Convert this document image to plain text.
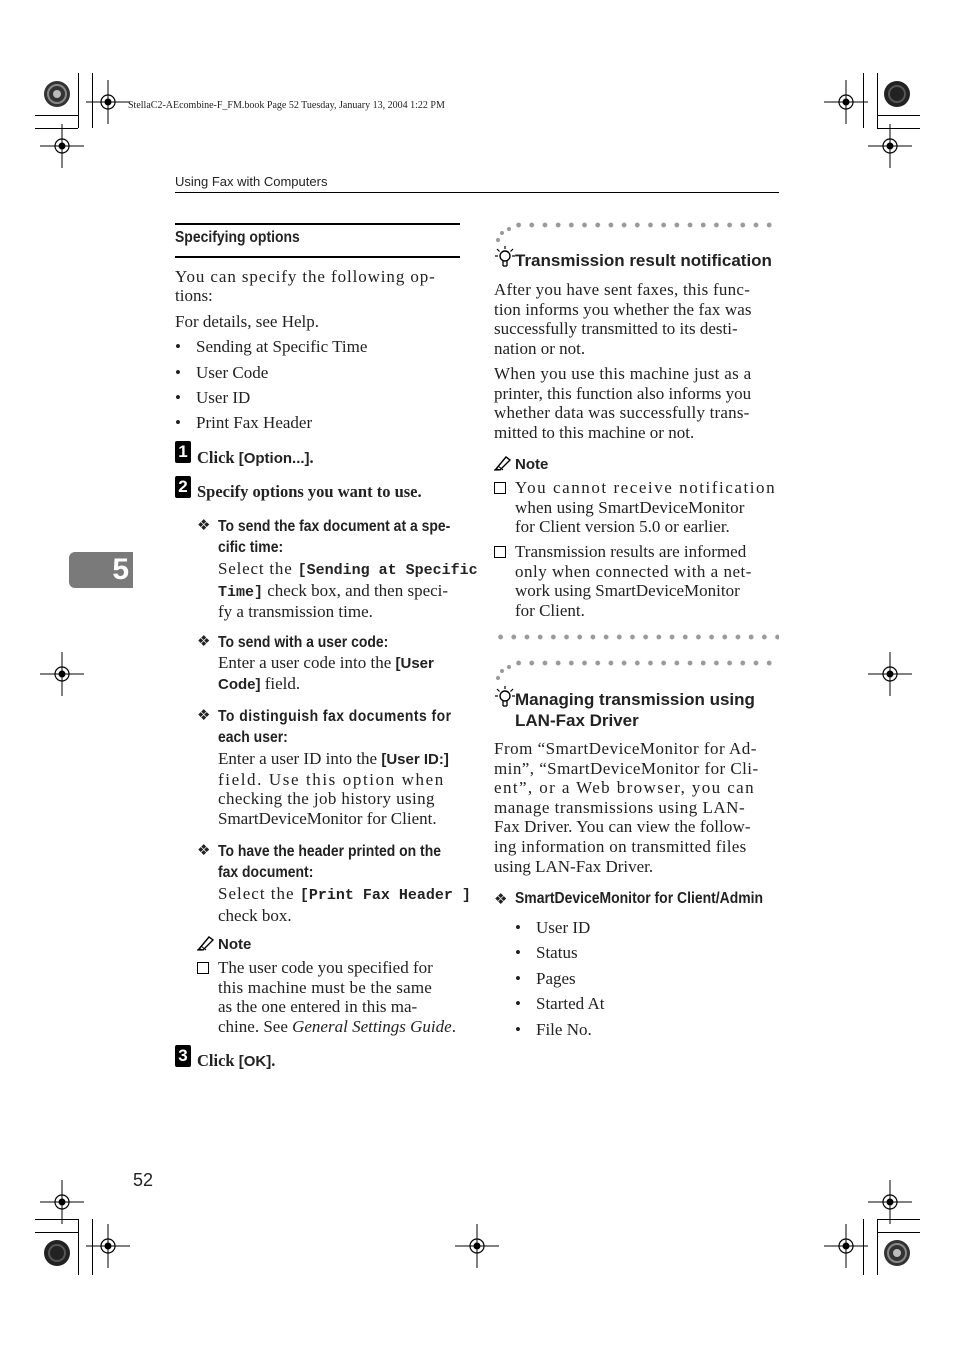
StellaC2-AEcombine-F_FM.book Page 52 Tuesday, January 13, 2004 1:22 PM
Using Fax with Computers
5
Specifying options
You can specify the following op-
tions:
For details, see Help.
• Sending at Specific Time
• User Code
• User ID
• Print Fax Header
1 Click [Option...].
2 Specify options you want to use.
❖ To send the fax document at a spe-
cific time:
Select the [Sending at Specific
Time] check box, and then speci-
fy a transmission time.
❖ To send with a user code:
Enter a user code into the [User
Code] field.
❖ To distinguish fax documents for
each user:
Enter a user ID into the [User ID:]
field. Use this option when
checking the job history using
SmartDeviceMonitor for Client.
❖ To have the header printed on the
fax document:
Select the [Print Fax Header ]
check box.
Note
The user code you specified for
this machine must be the same
as the one entered in this ma-
chine. See General Settings Guide.
3 Click [OK].
52
Transmission result notification
After you have sent faxes, this func-
tion informs you whether the fax was
successfully transmitted to its desti-
nation or not.
When you use this machine just as a
printer, this function also informs you
whether data was successfully trans-
mitted to this machine or not.
Note
You cannot receive notification
when using SmartDeviceMonitor
for Client version 5.0 or earlier.
Transmission results are informed
only when connected with a net-
work using SmartDeviceMonitor
for Client.
Managing transmission using
LAN-Fax Driver
From “SmartDeviceMonitor for Ad-
min”, “SmartDeviceMonitor for Cli-
ent”, or a Web browser, you can
manage transmissions using LAN-
Fax Driver. You can view the follow-
ing information on transmitted files
using LAN-Fax Driver.
❖ SmartDeviceMonitor for Client/Admin
• User ID
• Status
• Pages
• Started At
• File No.
